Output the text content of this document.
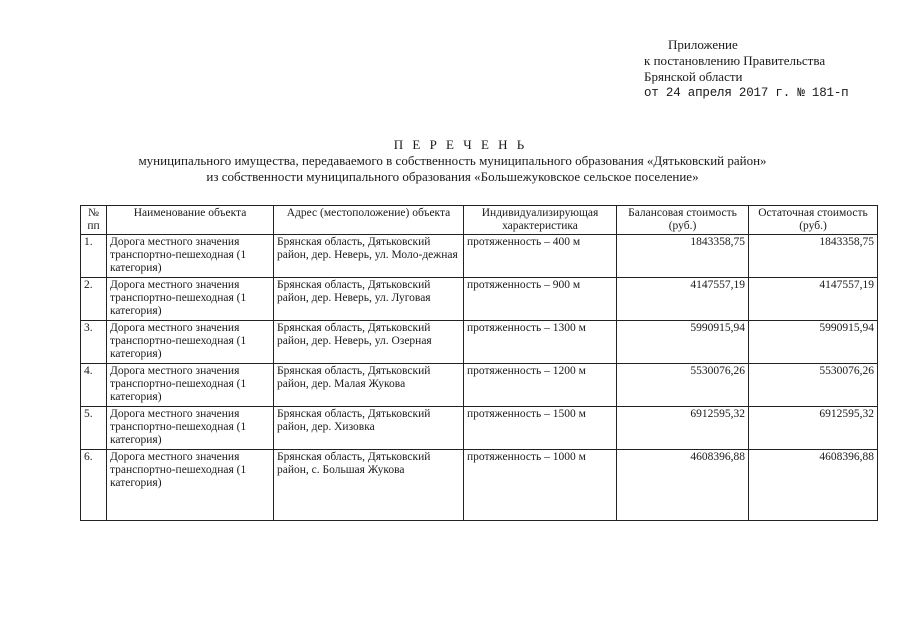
Приложение
к постановлению Правительства
Брянской области
от 24 апреля 2017 г. № 181-п
П Е Р Е Ч Е Н Ь
муниципального имущества, передаваемого в собственность муниципального образования «Дятьковский район»
из собственности муниципального образования «Большежуковское сельское поселение»
№ пп	Наименование объекта	Адрес (местоположение) объекта	Индивидуализирующая характеристика	Балансовая стоимость (руб.)	Остаточная стоимость (руб.)
1.	Дорога местного значения транспортно-пешеходная (1 категория)	Брянская область, Дятьковский район, дер. Неверь, ул. Моло-дежная	протяженность – 400 м	1843358,75	1843358,75
2.	Дорога местного значения транспортно-пешеходная (1 категория)	Брянская область, Дятьковский район, дер. Неверь, ул. Луговая	протяженность – 900 м	4147557,19	4147557,19
3.	Дорога местного значения транспортно-пешеходная (1 категория)	Брянская область, Дятьковский район, дер. Неверь, ул. Озерная	протяженность – 1300 м	5990915,94	5990915,94
4.	Дорога местного значения транспортно-пешеходная (1 категория)	Брянская область, Дятьковский район, дер. Малая Жукова	протяженность – 1200 м	5530076,26	5530076,26
5.	Дорога местного значения транспортно-пешеходная (1 категория)	Брянская область, Дятьковский район, дер. Хизовка	протяженность – 1500 м	6912595,32	6912595,32
6.	Дорога местного значения транспортно-пешеходная (1 категория)	Брянская область, Дятьковский район, с. Большая Жукова	протяженность – 1000 м	4608396,88	4608396,88
